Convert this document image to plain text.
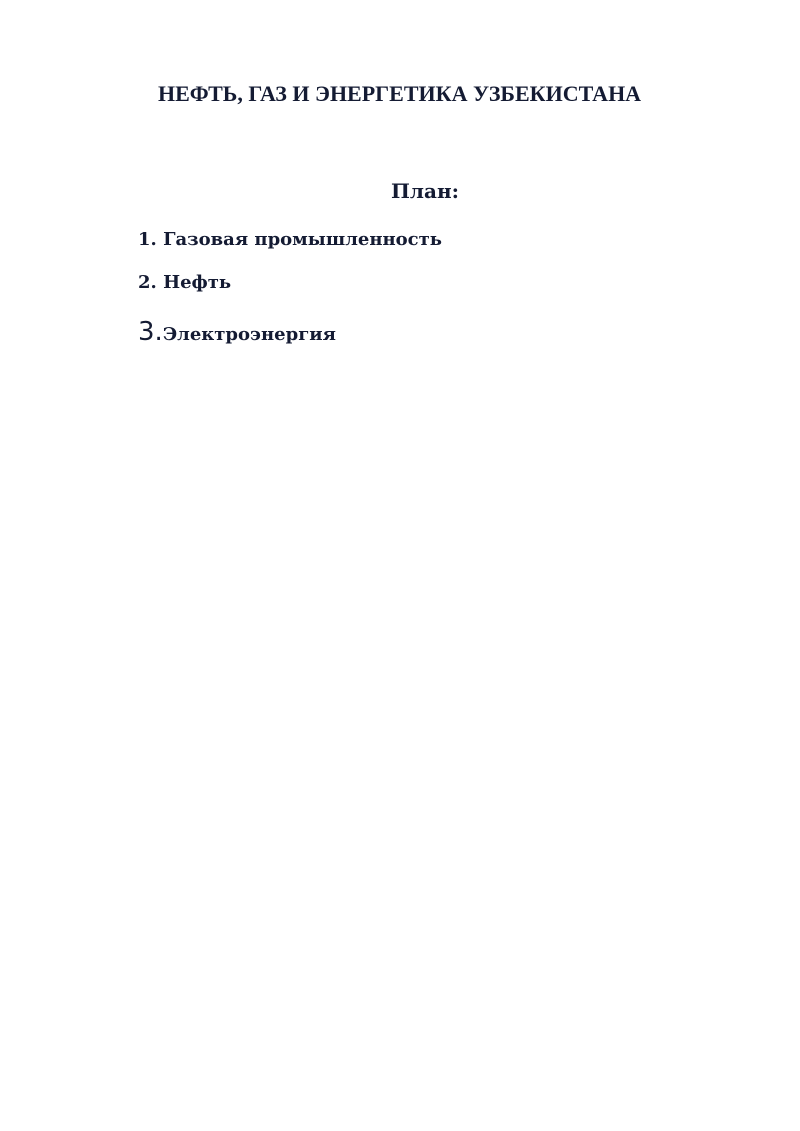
НЕФТЬ, ГАЗ И ЭНЕРГЕТИКА УЗБЕКИСТАНА
План:
1. Газовая промышленность
2. Нефть
3.Электроэнергия
